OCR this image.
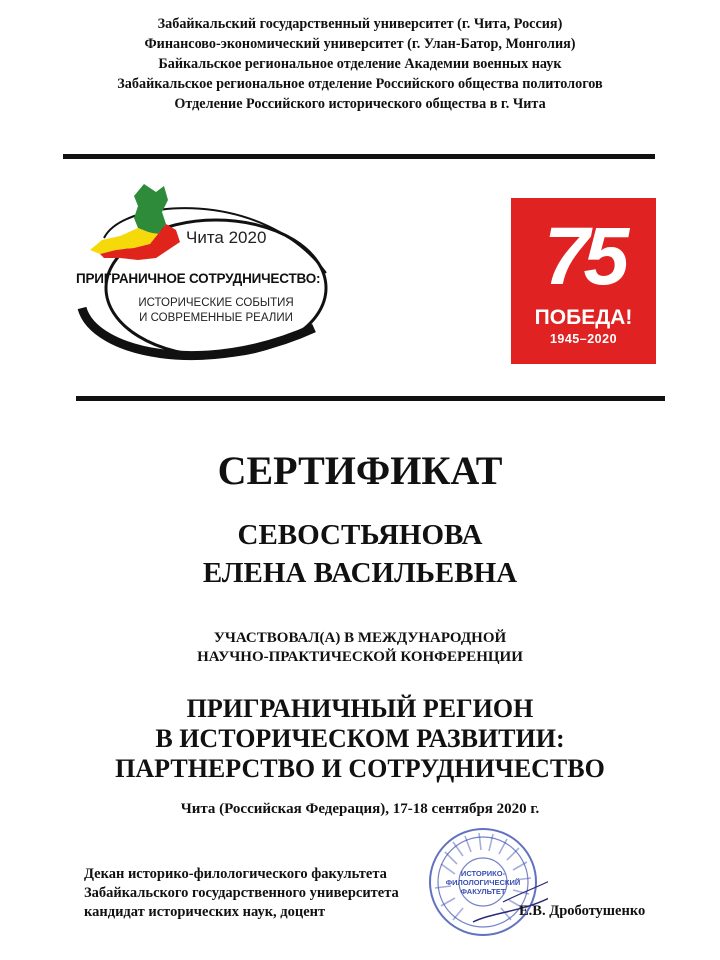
Забайкальский государственный университет (г. Чита, Россия)
Финансово-экономический университет (г. Улан-Батор, Монголия)
Байкальское региональное отделение Академии военных наук
Забайкальское региональное отделение Российского общества политологов
Отделение Российского исторического общества в г. Чита
Чита 2020
ПРИГРАНИЧНОЕ СОТРУДНИЧЕСТВО:
ИСТОРИЧЕСКИЕ СОБЫТИЯ
И СОВРЕМЕННЫЕ РЕАЛИИ
75
ПОБЕДА!
1945–2020
СЕРТИФИКАТ
СЕВОСТЬЯНОВА
ЕЛЕНА ВАСИЛЬЕВНА
УЧАСТВОВАЛ(А) В МЕЖДУНАРОДНОЙ
НАУЧНО-ПРАКТИЧЕСКОЙ КОНФЕРЕНЦИИ
ПРИГРАНИЧНЫЙ РЕГИОН
В ИСТОРИЧЕСКОМ РАЗВИТИИ:
ПАРТНЕРСТВО И СОТРУДНИЧЕСТВО
Чита (Российская Федерация), 17-18 сентября 2020 г.
ИСТОРИКО-
ФИЛОЛОГИЧЕСКИЙ
ФАКУЛЬТЕТ
Декан историко-филологического факультета
Забайкальского государственного университета
кандидат исторических наук, доцент	Е.В. Дроботушенко
